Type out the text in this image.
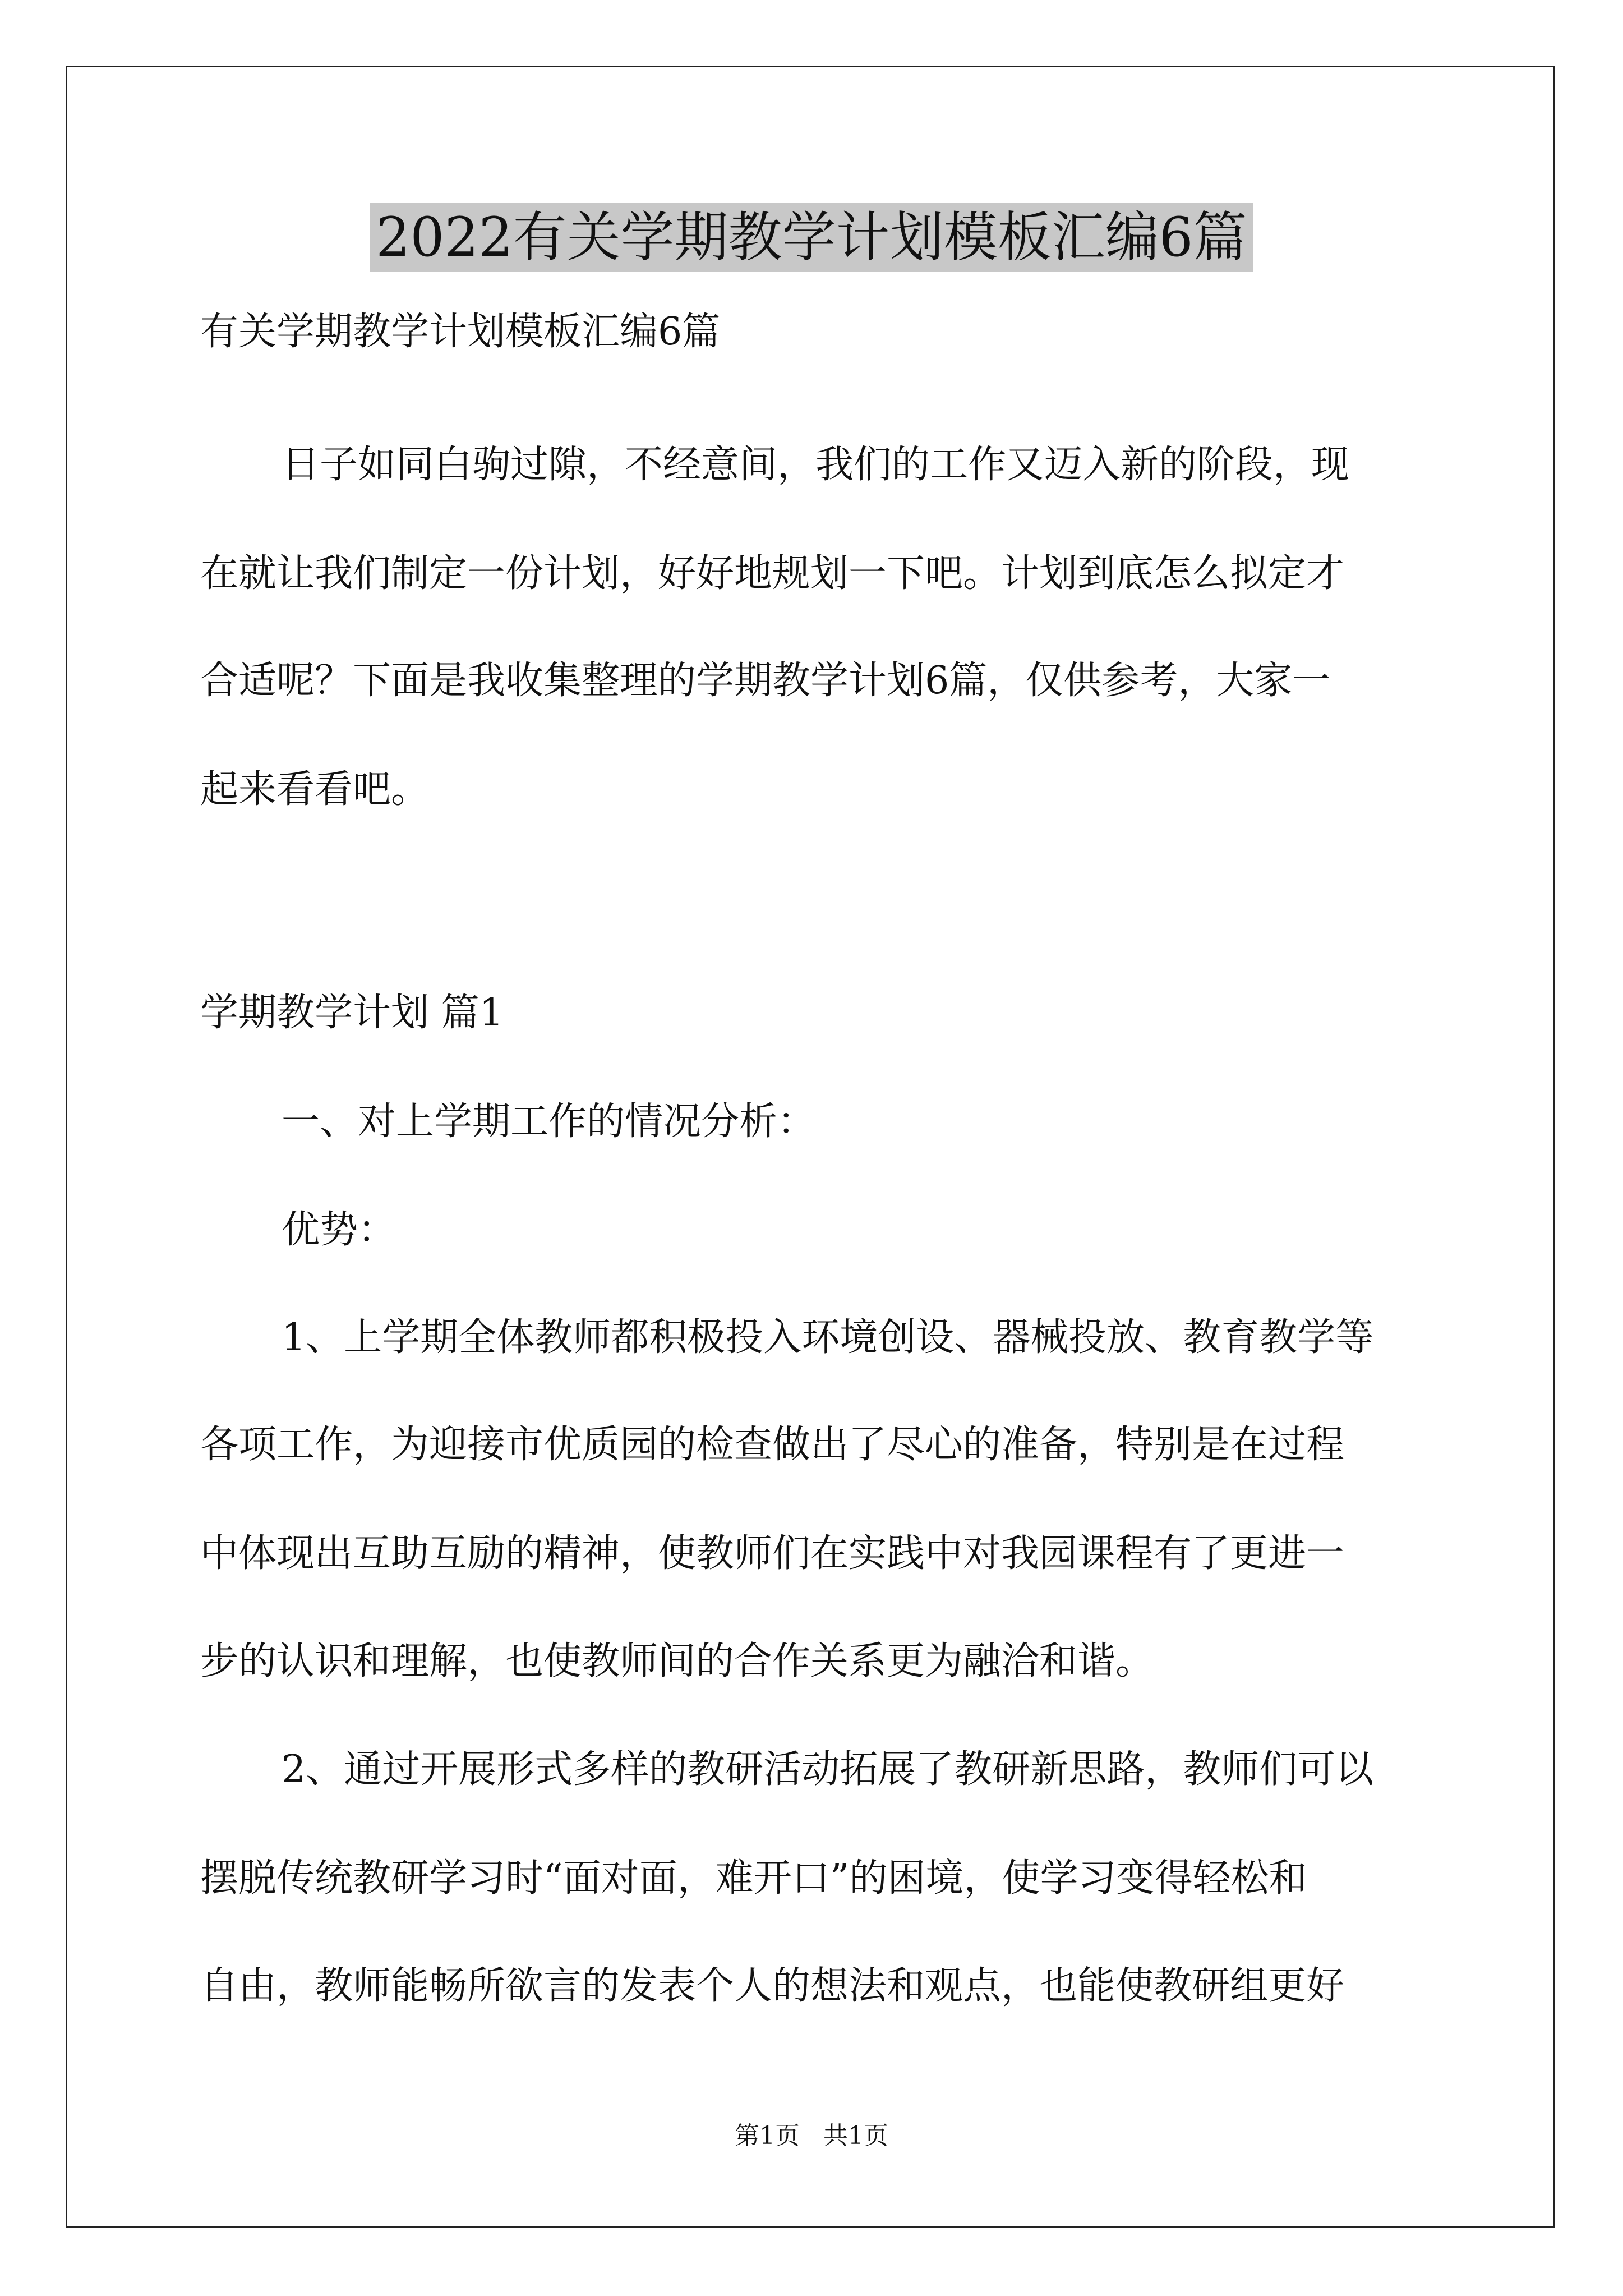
2022有关学期教学计划模板汇编6篇

有关学期教学计划模板汇编6篇

日子如同白驹过隙，不经意间，我们的工作又迈入新的阶段，现

在就让我们制定一份计划，好好地规划一下吧。计划到底怎么拟定才

合适呢？下面是我收集整理的学期教学计划6篇，仅供参考，大家一

起来看看吧。

学期教学计划 篇1

一、对上学期工作的情况分析：

优势：

1、上学期全体教师都积极投入环境创设、器械投放、教育教学等

各项工作，为迎接市优质园的检查做出了尽心的准备，特别是在过程

中体现出互助互励的精神，使教师们在实践中对我园课程有了更进一

步的认识和理解，也使教师间的合作关系更为融洽和谐。

2、通过开展形式多样的教研活动拓展了教研新思路，教师们可以

摆脱传统教研学习时“面对面，难开口”的困境，使学习变得轻松和

自由，教师能畅所欲言的发表个人的想法和观点，也能使教研组更好

第1页 共1页
